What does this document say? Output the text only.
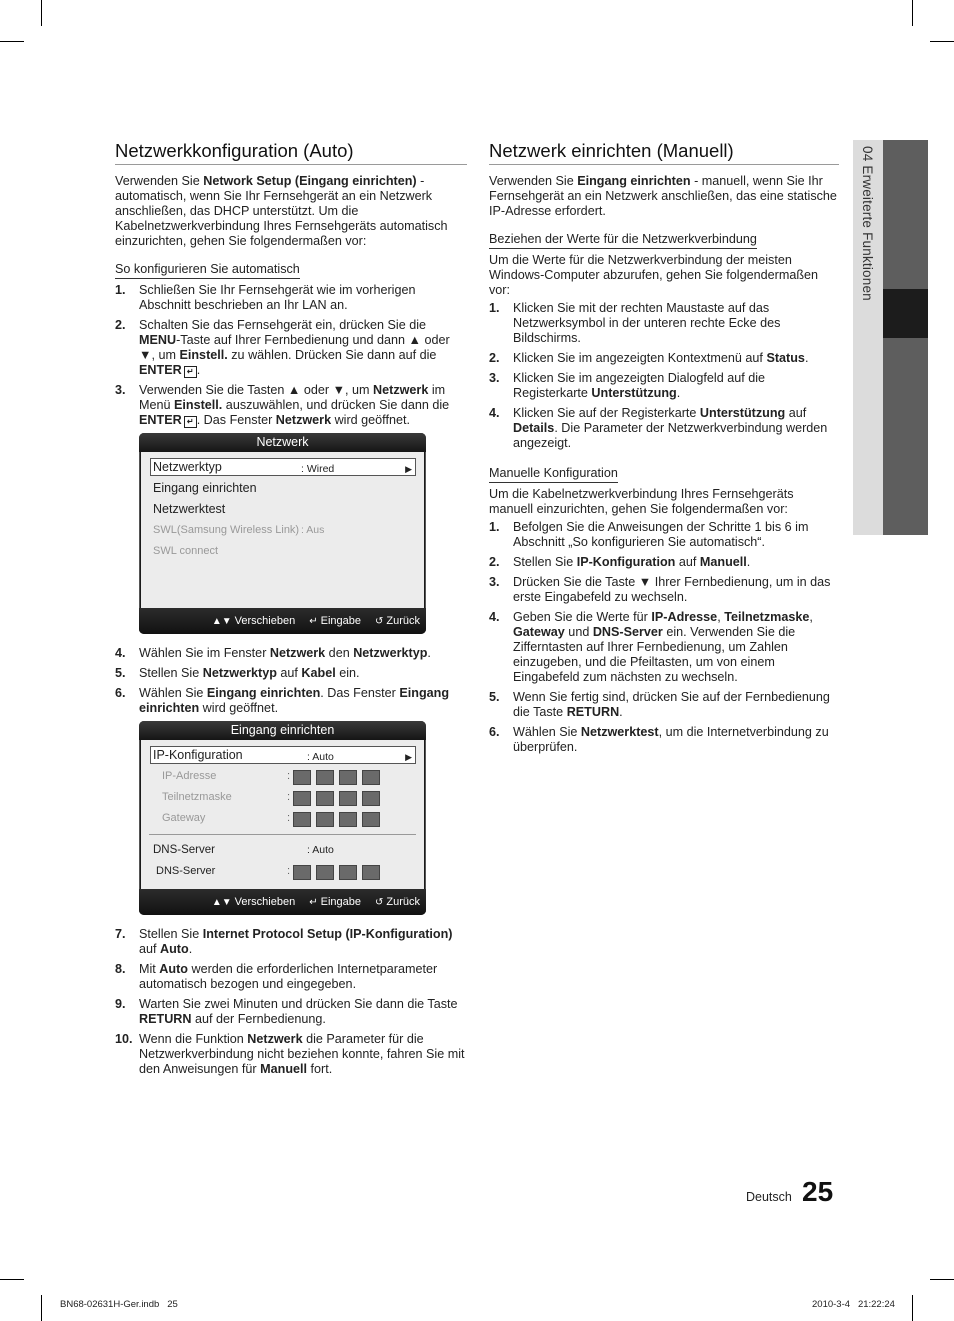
Netzwerkkonfiguration (Auto)

Verwenden Sie Network Setup (Eingang einrichten) - automatisch, wenn Sie Ihr Fernsehgerät an ein Netzwerk anschließen, das DHCP unterstützt. Um die Kabelnetzwerkverbindung Ihres Fernsehgeräts automatisch einzurichten, gehen Sie folgendermaßen vor:

So konfigurieren Sie automatisch
1.	Schließen Sie Ihr Fernsehgerät wie im vorherigen Abschnitt beschrieben an Ihr LAN an.
2.	Schalten Sie das Fernsehgerät ein, drücken Sie die MENU-Taste auf Ihrer Fernbedienung und dann ▲ oder ▼, um Einstell. zu wählen. Drücken Sie dann auf die ENTER ↵ .
3.	Verwenden Sie die Tasten ▲ oder ▼, um Netzwerk im Menü Einstell. auszuwählen, und drücken Sie dann die ENTER ↵ . Das Fenster Netzwerk wird geöffnet.
Netzwerk
Netzwerktyp	: Wired	▶
Eingang einrichten
Netzwerktest
SWL(Samsung Wireless Link) : Aus
SWL connect
▲▼ Verschieben ↵ Eingabe ↺ Zurück
4.	Wählen Sie im Fenster Netzwerk den Netzwerktyp.
5.	Stellen Sie Netzwerktyp auf Kabel ein.
6.	Wählen Sie Eingang einrichten. Das Fenster Eingang einrichten wird geöffnet.
Eingang einrichten
IP-Konfiguration	: Auto	▶
IP-Adresse	:
Teilnetzmaske	:
Gateway	:
DNS-Server	: Auto
DNS-Server	:
▲▼ Verschieben ↵ Eingabe ↺ Zurück
7.	Stellen Sie Internet Protocol Setup (IP-Konfiguration) auf Auto.
8.	Mit Auto werden die erforderlichen Internetparameter automatisch bezogen und eingegeben.
9.	Warten Sie zwei Minuten und drücken Sie dann die Taste RETURN auf der Fernbedienung.
10. Wenn die Funktion Netzwerk die Parameter für die Netzwerkverbindung nicht beziehen konnte, fahren Sie mit den Anweisungen für Manuell fort.
Netzwerk einrichten (Manuell)

Verwenden Sie Eingang einrichten - manuell, wenn Sie Ihr Fernsehgerät an ein Netzwerk anschließen, das eine statische IP-Adresse erfordert.

Beziehen der Werte für die Netzwerkverbindung

Um die Werte für die Netzwerkverbindung der meisten Windows-Computer abzurufen, gehen Sie folgendermaßen vor:

1.	Klicken Sie mit der rechten Maustaste auf das Netzwerksymbol in der unteren rechte Ecke des Bildschirms.
2.	Klicken Sie im angezeigten Kontextmenü auf Status.
3.	Klicken Sie im angezeigten Dialogfeld auf die Registerkarte Unterstützung.
4.	Klicken Sie auf der Registerkarte Unterstützung auf Details. Die Parameter der Netzwerkverbindung werden angezeigt.
Manuelle Konfiguration

Um die Kabelnetzwerkverbindung Ihres Fernsehgeräts manuell einzurichten, gehen Sie folgendermaßen vor:

1.	Befolgen Sie die Anweisungen der Schritte 1 bis 6 im Abschnitt „So konfigurieren Sie automatisch“.
2.	Stellen Sie IP-Konfiguration auf Manuell.
3.	Drücken Sie die Taste ▼ Ihrer Fernbedienung, um in das erste Eingabefeld zu wechseln.
4.	Geben Sie die Werte für IP-Adresse, Teilnetzmaske, Gateway und DNS-Server ein. Verwenden Sie die Zifferntasten auf Ihrer Fernbedienung, um Zahlen einzugeben, und die Pfeiltasten, um von einem Eingabefeld zum nächsten zu wechseln.
5.	Wenn Sie fertig sind, drücken Sie auf der Fernbedienung die Taste RETURN.
6.	Wählen Sie Netzwerktest, um die Internetverbindung zu überprüfen.
04 Erweiterte Funktionen
Deutsch 25
BN68-02631H-Ger.indb   25	2010-3-4   21:22:24
